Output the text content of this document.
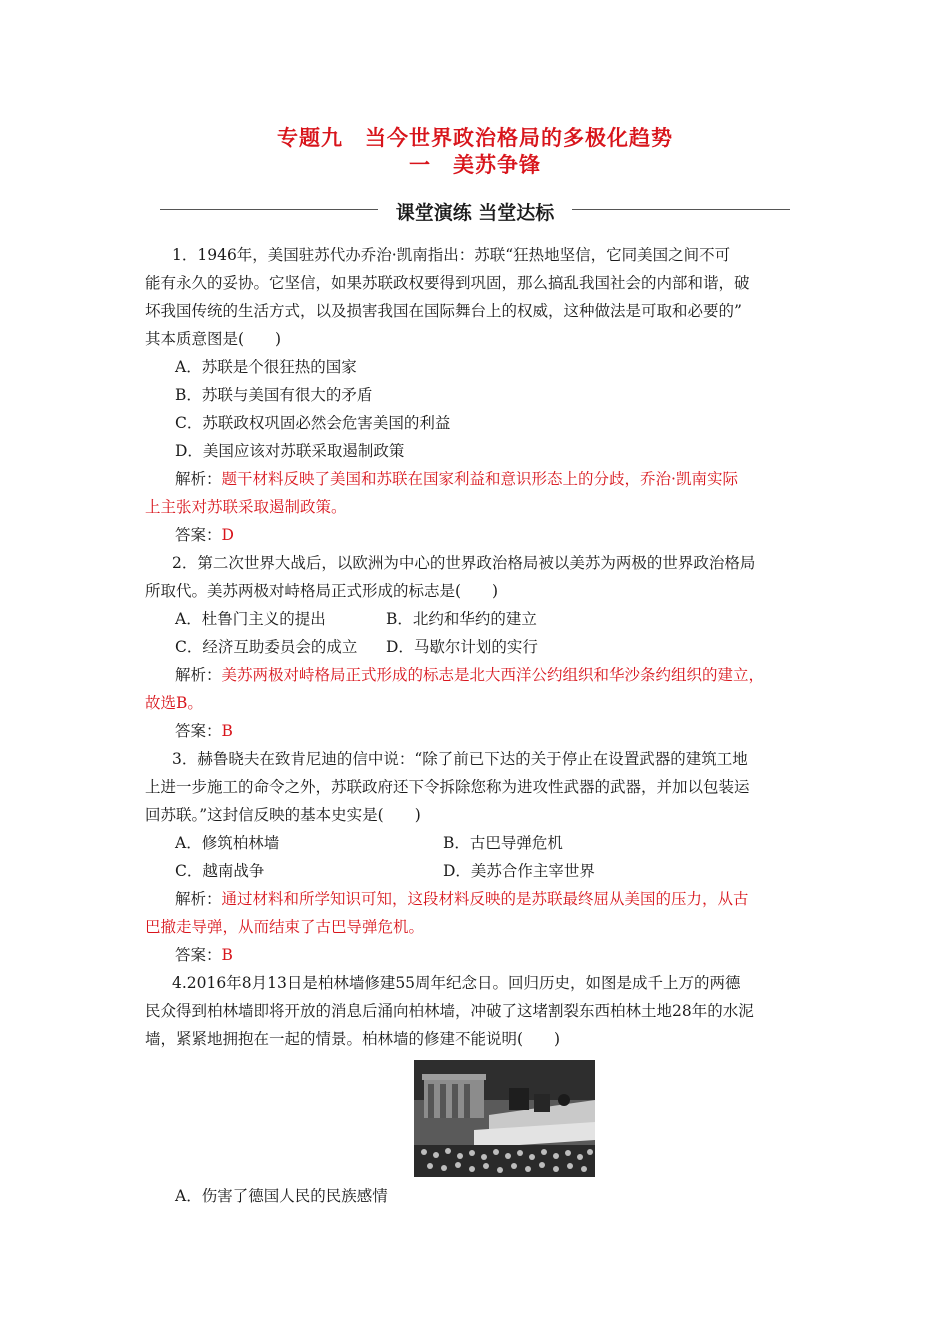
专题九　当今世界政治格局的多极化趋势
一　美苏争锋
课堂演练 当堂达标
1．1946年，美国驻苏代办乔治·凯南指出：苏联“狂热地坚信，它同美国之间不可
能有永久的妥协。它坚信，如果苏联政权要得到巩固，那么搞乱我国社会的内部和谐，破
坏我国传统的生活方式，以及损害我国在国际舞台上的权威，这种做法是可取和必要的”
其本质意图是(　　)
A．苏联是个很狂热的国家
B．苏联与美国有很大的矛盾
C．苏联政权巩固必然会危害美国的利益
D．美国应该对苏联采取遏制政策
解析：题干材料反映了美国和苏联在国家利益和意识形态上的分歧，乔治·凯南实际
上主张对苏联采取遏制政策。
答案：D
2．第二次世界大战后，以欧洲为中心的世界政治格局被以美苏为两极的世界政治格局
所取代。美苏两极对峙格局正式形成的标志是(　　)
A．杜鲁门主义的提出	B．北约和华约的建立
C．经济互助委员会的成立 D．马歇尔计划的实行
解析：美苏两极对峙格局正式形成的标志是北大西洋公约组织和华沙条约组织的建立，
故选B。
答案：B
3．赫鲁晓夫在致肯尼迪的信中说：“除了前已下达的关于停止在设置武器的建筑工地
上进一步施工的命令之外，苏联政府还下令拆除您称为进攻性武器的武器，并加以包装运
回苏联。”这封信反映的基本史实是(　　)
A．修筑柏林墙	B．古巴导弹危机
C．越南战争	D．美苏合作主宰世界
解析：通过材料和所学知识可知，这段材料反映的是苏联最终屈从美国的压力，从古
巴撤走导弹，从而结束了古巴导弹危机。
答案：B
4.2016年8月13日是柏林墙修建55周年纪念日。回归历史，如图是成千上万的两德
民众得到柏林墙即将开放的消息后涌向柏林墙，冲破了这堵割裂东西柏林土地28年的水泥
墙，紧紧地拥抱在一起的情景。柏林墙的修建不能说明(　　)
A．伤害了德国人民的民族感情
